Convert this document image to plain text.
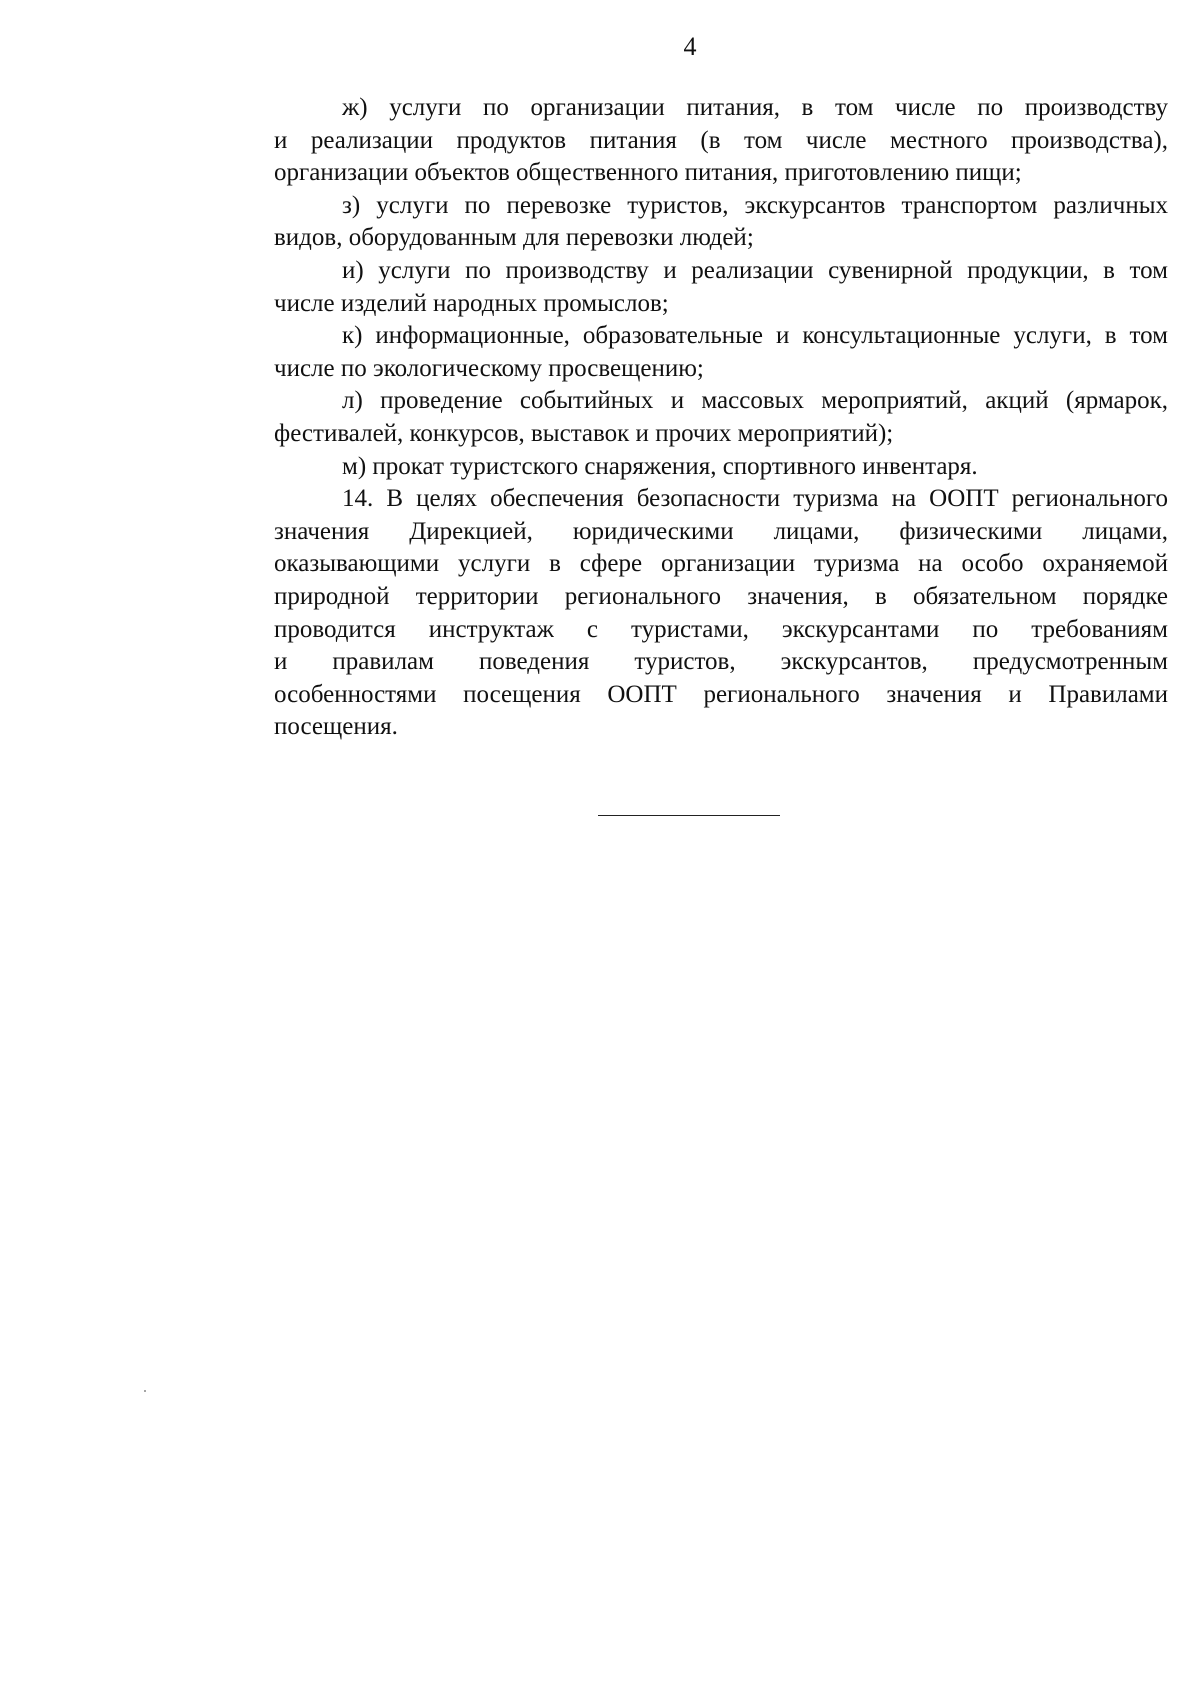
4
ж) услуги по организации питания, в том числе по производству
и реализации продуктов питания (в том числе местного производства),
организации объектов общественного питания, приготовлению пищи;
з) услуги по перевозке туристов, экскурсантов транспортом различных
видов, оборудованным для перевозки людей;
и) услуги по производству и реализации сувенирной продукции, в том
числе изделий народных промыслов;
к) информационные, образовательные и консультационные услуги, в том
числе по экологическому просвещению;
л) проведение событийных и массовых мероприятий, акций (ярмарок,
фестивалей, конкурсов, выставок и прочих мероприятий);
м) прокат туристского снаряжения, спортивного инвентаря.
14. В целях обеспечения безопасности туризма на ООПТ регионального
значения Дирекцией, юридическими лицами, физическими лицами,
оказывающими услуги в сфере организации туризма на особо охраняемой
природной территории регионального значения, в обязательном порядке
проводится инструктаж с туристами, экскурсантами по требованиям
и правилам поведения туристов, экскурсантов, предусмотренным
особенностями посещения ООПТ регионального значения и Правилами
посещения.
